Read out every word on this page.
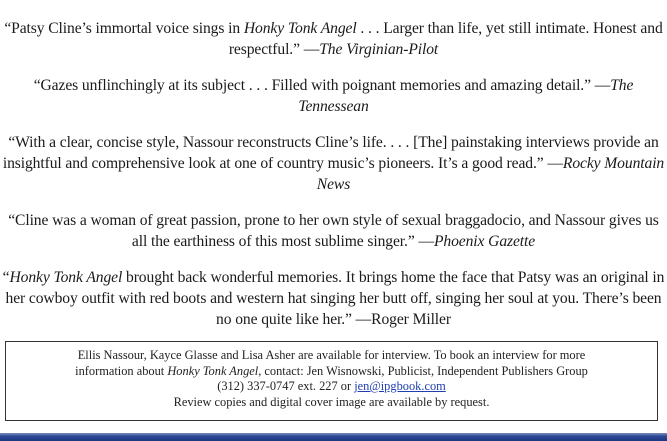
“Patsy Cline’s immortal voice sings in Honky Tonk Angel . . . Larger than life, yet still intimate. Honest and respectful.” —The Virginian-Pilot

“Gazes unflinchingly at its subject . . . Filled with poignant memories and amazing detail.” —The Tennessean

“With a clear, concise style, Nassour reconstructs Cline’s life. . . . [The] painstaking interviews provide an insightful and comprehensive look at one of country music’s pioneers. It’s a good read.” —Rocky Mountain News

“Cline was a woman of great passion, prone to her own style of sexual braggadocio, and Nassour gives us all the earthiness of this most sublime singer.” —Phoenix Gazette

“Honky Tonk Angel brought back wonderful memories. It brings home the face that Patsy was an original in her cowboy outfit with red boots and western hat singing her butt off, singing her soul at you. There’s been no one quite like her.” —Roger Miller

Ellis Nassour, Kayce Glasse and Lisa Asher are available for interview. To book an interview for more
information about Honky Tonk Angel, contact: Jen Wisnowski, Publicist, Independent Publishers Group
(312) 337-0747 ext. 227 or jen@ipgbook.com
Review copies and digital cover image are available by request.
